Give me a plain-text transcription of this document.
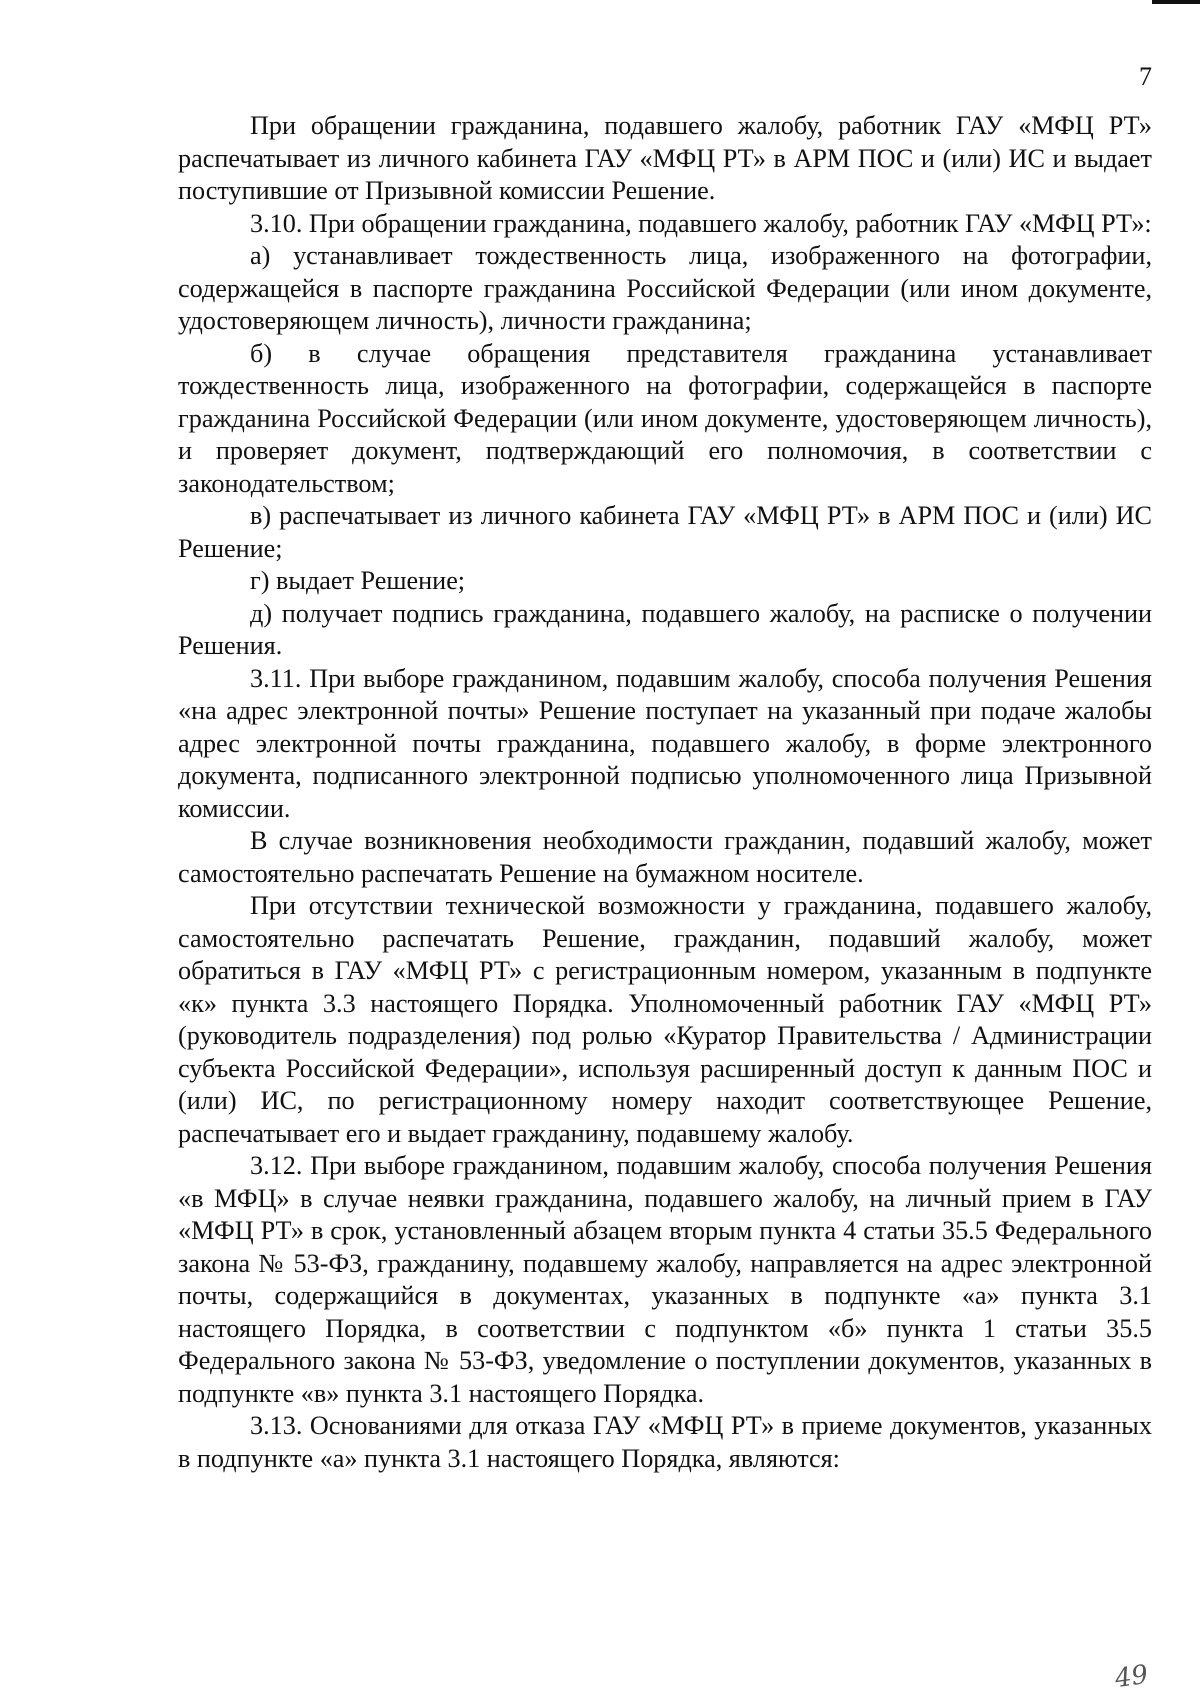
7

При обращении гражданина, подавшего жалобу, работник ГАУ «МФЦ РТ» распечатывает из личного кабинета ГАУ «МФЦ РТ» в АРМ ПОС и (или) ИС и выдает поступившие от Призывной комиссии Решение.

3.10. При обращении гражданина, подавшего жалобу, работник ГАУ «МФЦ РТ»:

а) устанавливает тождественность лица, изображенного на фотографии, содержащейся в паспорте гражданина Российской Федерации (или ином документе, удостоверяющем личность), личности гражданина;

б) в случае обращения представителя гражданина устанавливает тождественность лица, изображенного на фотографии, содержащейся в паспорте гражданина Российской Федерации (или ином документе, удостоверяющем личность), и проверяет документ, подтверждающий его полномочия, в соответствии с законодательством;

в) распечатывает из личного кабинета ГАУ «МФЦ РТ» в АРМ ПОС и (или) ИС Решение;

г) выдает Решение;

д) получает подпись гражданина, подавшего жалобу, на расписке о получении Решения.

3.11. При выборе гражданином, подавшим жалобу, способа получения Решения «на адрес электронной почты» Решение поступает на указанный при подаче жалобы адрес электронной почты гражданина, подавшего жалобу, в форме электронного документа, подписанного электронной подписью уполномоченного лица Призывной комиссии.

В случае возникновения необходимости гражданин, подавший жалобу, может самостоятельно распечатать Решение на бумажном носителе.

При отсутствии технической возможности у гражданина, подавшего жалобу, самостоятельно распечатать Решение, гражданин, подавший жалобу, может обратиться в ГАУ «МФЦ РТ» с регистрационным номером, указанным в подпункте «к» пункта 3.3 настоящего Порядка. Уполномоченный работник ГАУ «МФЦ РТ» (руководитель подразделения) под ролью «Куратор Правительства / Администрации субъекта Российской Федерации», используя расширенный доступ к данным ПОС и (или) ИС, по регистрационному номеру находит соответствующее Решение, распечатывает его и выдает гражданину, подавшему жалобу.

3.12. При выборе гражданином, подавшим жалобу, способа получения Решения «в МФЦ» в случае неявки гражданина, подавшего жалобу, на личный прием в ГАУ «МФЦ РТ» в срок, установленный абзацем вторым пункта 4 статьи 35.5 Федерального закона № 53-ФЗ, гражданину, подавшему жалобу, направляется на адрес электронной почты, содержащийся в документах, указанных в подпункте «а» пункта 3.1 настоящего Порядка, в соответствии с подпунктом «б» пункта 1 статьи 35.5 Федерального закона № 53-ФЗ, уведомление о поступлении документов, указанных в подпункте «в» пункта 3.1 настоящего Порядка.

3.13. Основаниями для отказа ГАУ «МФЦ РТ» в приеме документов, указанных в подпункте «а» пункта 3.1 настоящего Порядка, являются:

49
